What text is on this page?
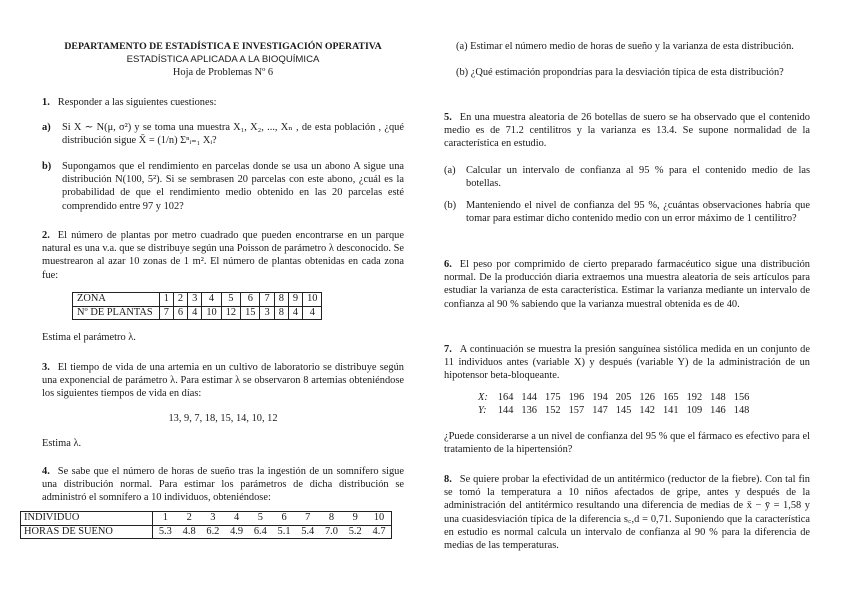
DEPARTAMENTO DE ESTADÍSTICA E INVESTIGACIÓN OPERATIVA
ESTADÍSTICA APLICADA A LA BIOQUÍMICA
Hoja de Problemas Nº 6
1. Responder a las siguientes cuestiones:
a)	Si X ∼ N(μ, σ²) y se toma una muestra X₁, X₂, ..., Xₙ , de esta población , ¿qué distribución sigue X̄ = (1/n) Σⁿᵢ₌₁ Xᵢ?
b)	Supongamos que el rendimiento en parcelas donde se usa un abono A sigue una distribución N(100, 5²). Si se sembrasen 20 parcelas con este abono, ¿cuál es la probabilidad de que el rendimiento medio obtenido en las 20 parcelas esté comprendido entre 97 y 102?
2. El número de plantas por metro cuadrado que pueden encontrarse en un parque natural es una v.a. que se distribuye según una Poisson de parámetro λ desconocido. Se muestrearon al azar 10 zonas de 1 m². El número de plantas obtenidas en cada zona fue:
ZONA	1	2	3	4	5	6	7	8	9	10
Nº DE PLANTAS	7	6	4	10	12	15	3	8	4	4
Estima el parámetro λ.
3. El tiempo de vida de una artemia en un cultivo de laboratorio se distribuye según una exponencial de parámetro λ. Para estimar λ se observaron 8 artemias obteniéndose los siguientes tiempos de vida en días:
13, 9, 7, 18, 15, 14, 10, 12
Estima λ.
4. Se sabe que el número de horas de sueño tras la ingestión de un somnífero sigue una distribución normal. Para estimar los parámetros de dicha distribución se administró el somnífero a 10 individuos, obteniéndose:
INDIVIDUO	1	2	3	4	5	6	7	8	9	10
HORAS DE SUENO	5.3	4.8	6.2	4.9	6.4	5.1	5.4	7.0	5.2	4.7
(a) Estimar el número medio de horas de sueño y la varianza de esta distribución.
(b) ¿Qué estimación propondrías para la desviación típica de esta distribución?
5. En una muestra aleatoria de 26 botellas de suero se ha observado que el contenido medio es de 71.2 centilitros y la varianza es 13.4. Se supone normalidad de la característica en estudio.
(a)	Calcular un intervalo de confianza al 95 % para el contenido medio de las botellas.
(b) Manteniendo el nivel de confianza del 95 %, ¿cuántas observaciones habría que tomar para estimar dicho contenido medio con un error máximo de 1 centilitro?
6. El peso por comprimido de cierto preparado farmacéutico sigue una distribución normal. De la producción diaria extraemos una muestra aleatoria de seis artículos para estudiar la varianza de esta característica. Estimar la varianza mediante un intervalo de confianza al 90 % sabiendo que la varianza muestral obtenida es de 40.
7. A continuación se muestra la presión sanguínea sistólica medida en un conjunto de 11 individuos antes (variable X) y después (variable Y) de la administración de un hipotensor beta-bloqueante.
X:	164	144	175	196	194	205	126	165	192	148	156
Y:	144	136	152	157	147	145	142	141	109	146	148
¿Puede considerarse a un nivel de confianza del 95 % que el fármaco es efectivo para el tratamiento de la hipertensión?
8. Se quiere probar la efectividad de un antitérmico (reductor de la fiebre). Con tal fin se tomó la temperatura a 10 niños afectados de gripe, antes y después de la administración del antitérmico resultando una diferencia de medias de x̄ − ȳ = 1,58 y una cuasidesviación típica de la diferencia s꜀,d = 0,71. Suponiendo que la característica en estudio es normal calcula un intervalo de confianza al 90 % para la diferencia de medias de las temperaturas.
